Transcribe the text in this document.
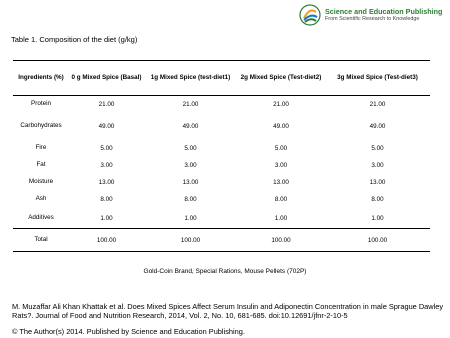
Science and Education Publishing
From Scientific Research to Knowledge
Table 1. Composition of the diet (g/kg)
Ingredients (%)	0 g Mixed Spice (Basal)	1g Mixed Spice (test-diet1)	2g Mixed Spice (Test-diet2)	3g Mixed Spice (Test-diet3)
Protein	21.00	21.00	21.00	21.00
Carbohydrates	49.00	49.00	49.00	49.00
Fire	5.00	5.00	5.00	5.00
Fat	3.00	3.00	3.00	3.00
Moisture	13.00	13.00	13.00	13.00
Ash	8.00	8.00	8.00	8.00
Additives	1.00	1.00	1.00	1.00
Total	100.00	100.00	100.00	100.00
Gold-Coin Brand, Special Rations, Mouse Pellets (702P)
M. Muzaffar Ali Khan Khattak et al. Does Mixed Spices Affect Serum Insulin and Adiponectin Concentration in male Sprague Dawley Rats?. Journal of Food and Nutrition Research, 2014, Vol. 2, No. 10, 681-685. doi:10.12691/jfnr-2-10-5
© The Author(s) 2014. Published by Science and Education Publishing.
